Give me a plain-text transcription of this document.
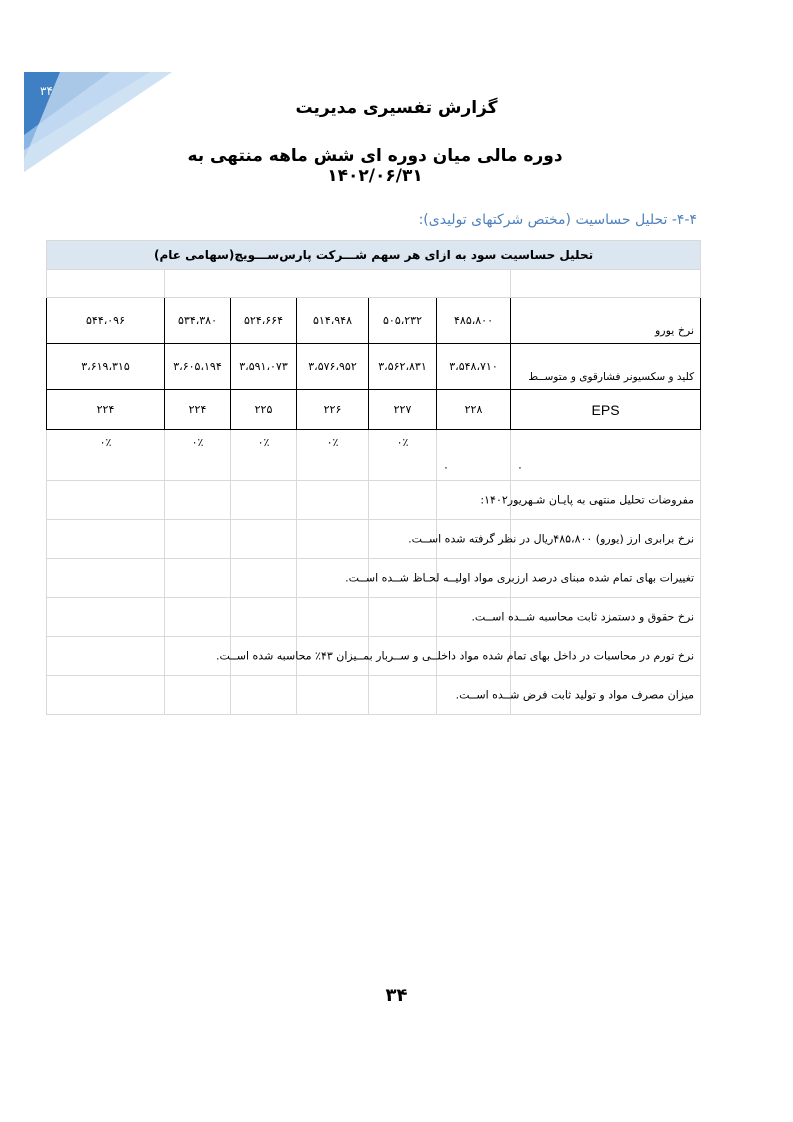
۳۴
گزارش تفسیری مدیریت
دوره مالی میان دوره ای شش ماهه منتهی به ۱۴۰۲/۰۶/۳۱
۴-۴- تحلیل حساسیت (مختص شرکتهای تولیدی):
تحلیل حساسیت سود به ازای هر سهم شـــرکت پارس‌ســـویچ(سهامی عام)						

۵۴۴،۰۹۶	۵۳۴،۳۸۰	۵۲۴،۶۶۴	۵۱۴،۹۴۸	۵۰۵،۲۳۲	۴۸۵،۸۰۰	نرخ یورو
۳،۶۱۹،۳۱۵	۳،۶۰۵،۱۹۴	۳،۵۹۱،۰۷۳	۳،۵۷۶،۹۵۲	۳،۵۶۲،۸۳۱	۳،۵۴۸،۷۱۰	کلید و سکسیونر فشارقوی و متوســط
۲۲۴	۲۲۴	۲۲۵	۲۲۶	۲۲۷	۲۲۸	EPS
۰٪	۰٪	۰٪	۰٪	۰٪	۰	۰

						مفروضات تحلیل منتهی به پایـان شـهریور۱۴۰۲:

						نرخ برابری ارز (یورو) ۴۸۵،۸۰۰ریال در نظر گرفته شده اســت.

						تغییرات بهای تمام شده مبنای درصد ارزبری مواد اولیــه لحـاظ شــده اســت.

						نرخ حقوق و دستمزد ثابت محاسبه شــده اســت.

						نرخ تورم در محاسبات در داخل بهای تمام شده مواد داخلــی و ســربار بمــیزان ۴۳٪ محاسبه شده اســت.

						میزان مصرف مواد و تولید ثابت فرض شــده اســت.
۳۴
